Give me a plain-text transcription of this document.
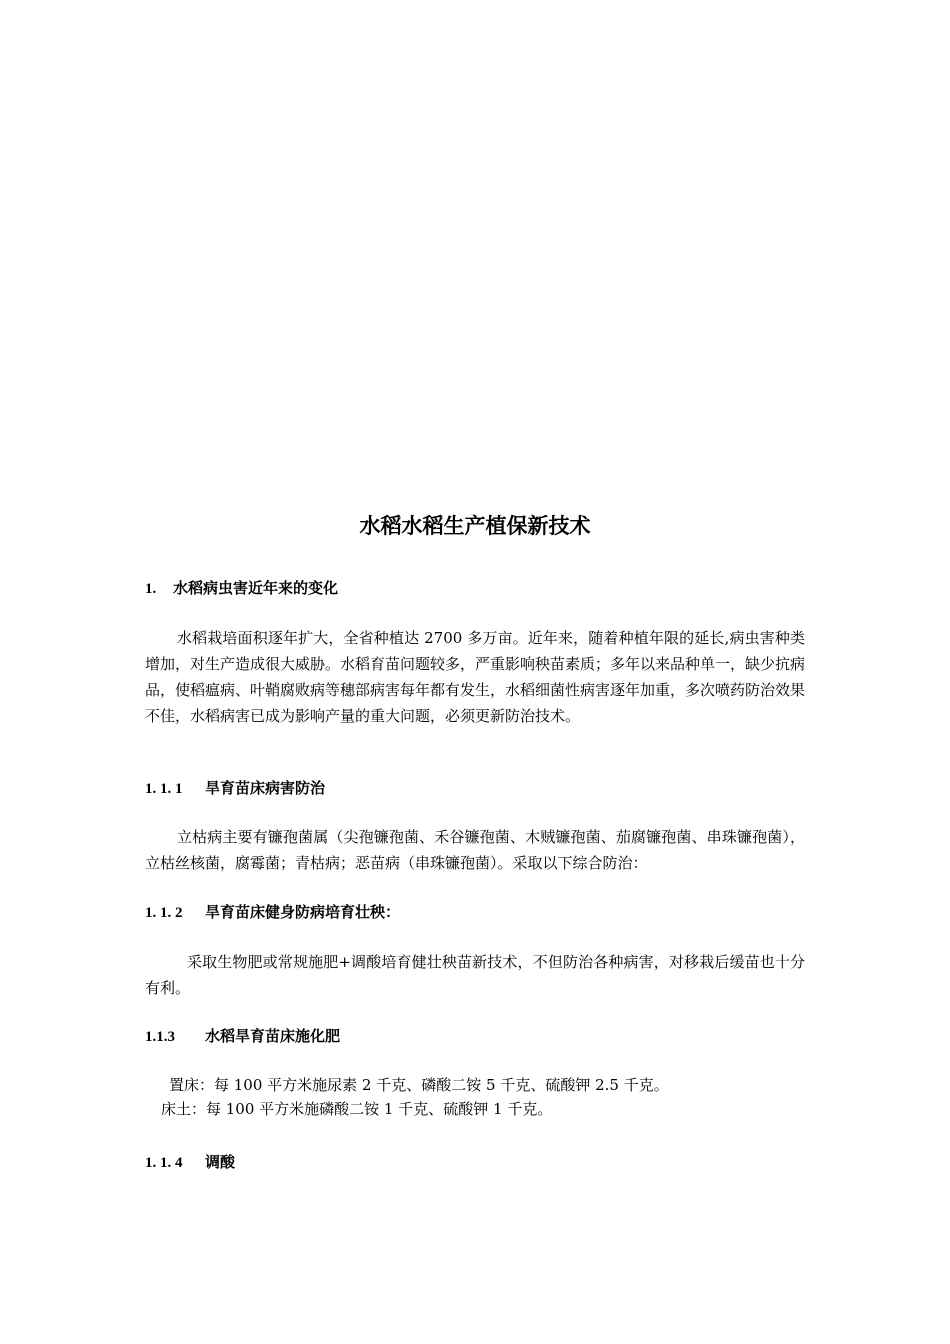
水稻水稻生产植保新技术
1. 水稻病虫害近年来的变化

水稻栽培面积逐年扩大，全省种植达 2700 多万亩。近年来，随着种植年限的延长,病虫害种类增加，对生产造成很大威胁。水稻育苗问题较多，严重影响秧苗素质；多年以来品种单一，缺少抗病品，使稻瘟病、叶鞘腐败病等穗部病害每年都有发生，水稻细菌性病害逐年加重，多次喷药防治效果不佳，水稻病害已成为影响产量的重大问题，必须更新防治技术。

1. 1. 1 旱育苗床病害防治

立枯病主要有镰孢菌属（尖孢镰孢菌、禾谷镰孢菌、木贼镰孢菌、茄腐镰孢菌、串珠镰孢菌），立枯丝核菌，腐霉菌；青枯病；恶苗病（串珠镰孢菌）。采取以下综合防治：

1. 1. 2 旱育苗床健身防病培育壮秧：

采取生物肥或常规施肥+调酸培育健壮秧苗新技术，不但防治各种病害，对移栽后缓苗也十分有利。

1.1.3 水稻旱育苗床施化肥
置床：每 100 平方米施尿素 2 千克、磷酸二铵 5 千克、硫酸钾 2.5 千克。
床土：每 100 平方米施磷酸二铵 1 千克、硫酸钾 1 千克。
1. 1. 4 调酸
